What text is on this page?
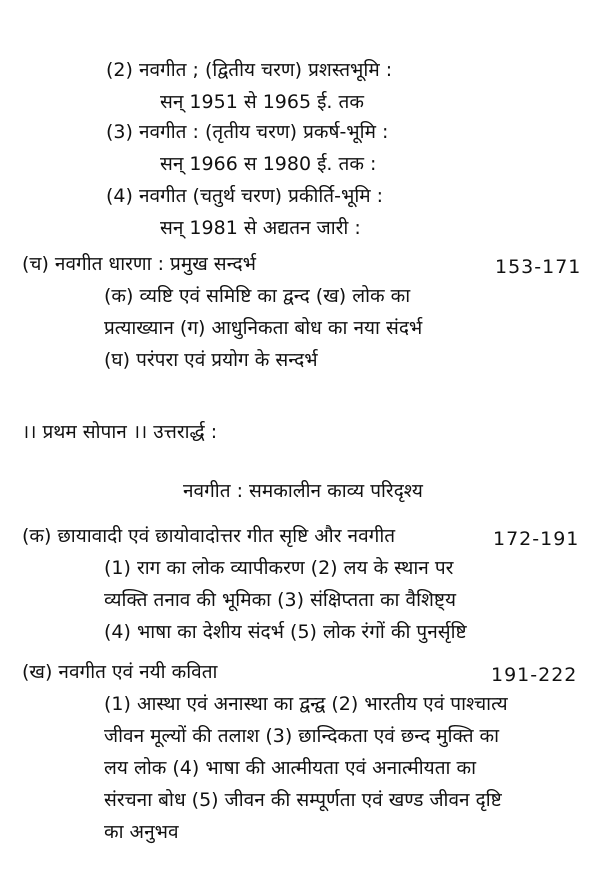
(2) नवगीत ; (द्वितीय चरण) प्रशस्तभूमि :
सन् 1951 से 1965 ई. तक
(3) नवगीत : (तृतीय चरण) प्रकर्ष-भूमि :
सन् 1966 स 1980 ई. तक :
(4) नवगीत (चतुर्थ चरण) प्रकीर्ति-भूमि :
सन् 1981 से अद्यतन जारी :
(च) नवगीत धारणा : प्रमुख सन्दर्भ	153-171
(क) व्यष्टि एवं समिष्टि का द्वन्द (ख) लोक का
प्रत्याख्यान (ग) आधुनिकता बोध का नया संदर्भ
(घ) परंपरा एवं प्रयोग के सन्दर्भ
।। प्रथम सोपान ।। उत्तरार्द्ध :
नवगीत : समकालीन काव्य परिदृश्य
(क) छायावादी एवं छायोवादोत्तर गीत सृष्टि और नवगीत	172-191
(1) राग का लोक व्यापीकरण (2) लय के स्थान पर
व्यक्ति तनाव की भूमिका (3) संक्षिप्तता का वैशिष्ट्य
(4) भाषा का देशीय संदर्भ (5) लोक रंगों की पुनर्सृष्टि
(ख) नवगीत एवं नयी कविता	191-222
(1) आस्था एवं अनास्था का द्वन्द्व (2) भारतीय एवं पाश्चात्य
जीवन मूल्यों की तलाश (3) छान्दिकता एवं छन्द मुक्ति का
लय लोक (4) भाषा की आत्मीयता एवं अनात्मीयता का
संरचना बोध (5) जीवन की सम्पूर्णता एवं खण्ड जीवन दृष्टि
का अनुभव
